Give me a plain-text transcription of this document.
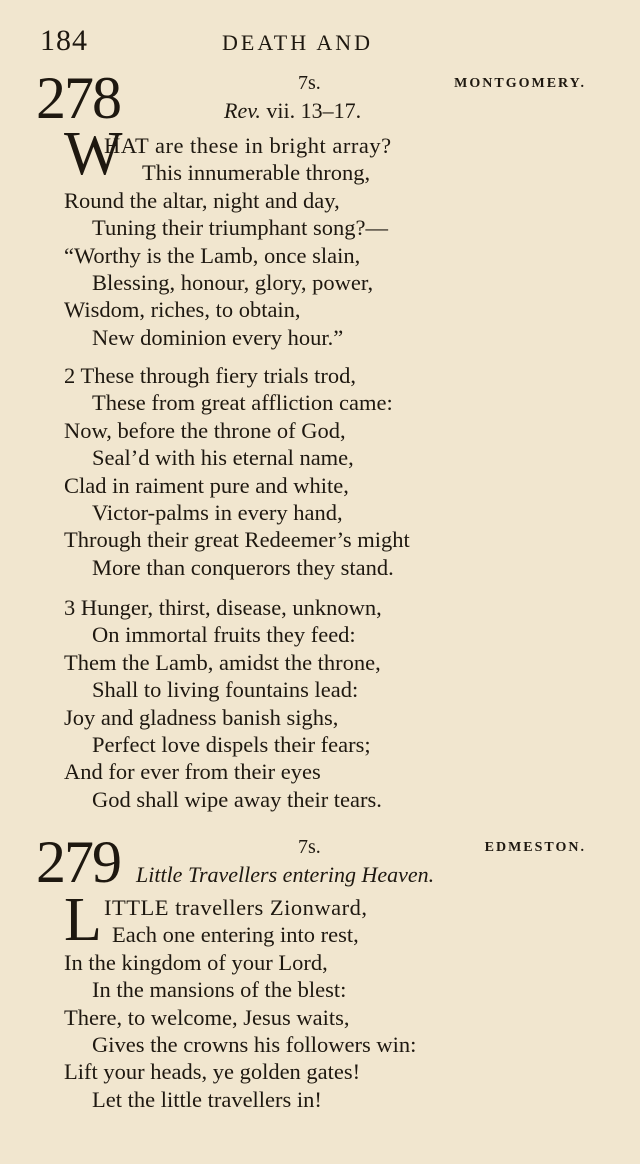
184	DEATH AND
278	7s.	MONTGOMERY.
Rev. vii. 13–17.
W
HAT are these in bright array?
This innumerable throng,
Round the altar, night and day,
Tuning their triumphant song?—
“Worthy is the Lamb, once slain,
Blessing, honour, glory, power,
Wisdom, riches, to obtain,
New dominion every hour.”
2 These through fiery trials trod,
These from great affliction came:
Now, before the throne of God,
Seal’d with his eternal name,
Clad in raiment pure and white,
Victor-palms in every hand,
Through their great Redeemer’s might
More than conquerors they stand.
3 Hunger, thirst, disease, unknown,
On immortal fruits they feed:
Them the Lamb, amidst the throne,
Shall to living fountains lead:
Joy and gladness banish sighs,
Perfect love dispels their fears;
And for ever from their eyes
God shall wipe away their tears.
279	7s.	EDMESTON.
Little Travellers entering Heaven.
L ITTLE travellers Zionward,
Each one entering into rest,
In the kingdom of your Lord,
In the mansions of the blest:
There, to welcome, Jesus waits,
Gives the crowns his followers win:
Lift your heads, ye golden gates!
Let the little travellers in!
